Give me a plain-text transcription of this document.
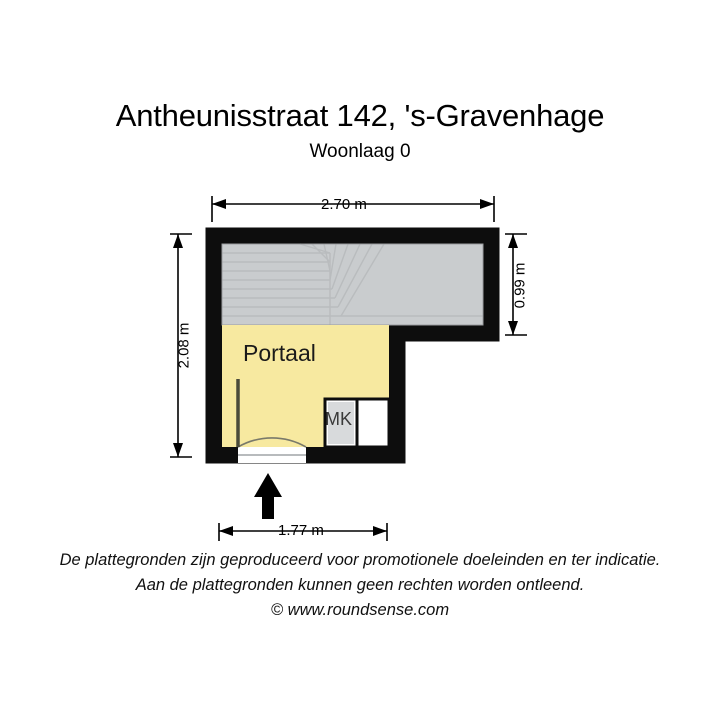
Antheunisstraat 142, 's-Gravenhage
Woonlaag 0
2.70 m
0.99 m
2.08 m
1.77 m
Portaal
MK
De plattegronden zijn geproduceerd voor promotionele doeleinden en ter indicatie.
Aan de plattegronden kunnen geen rechten worden ontleend.
© www.roundsense.com
